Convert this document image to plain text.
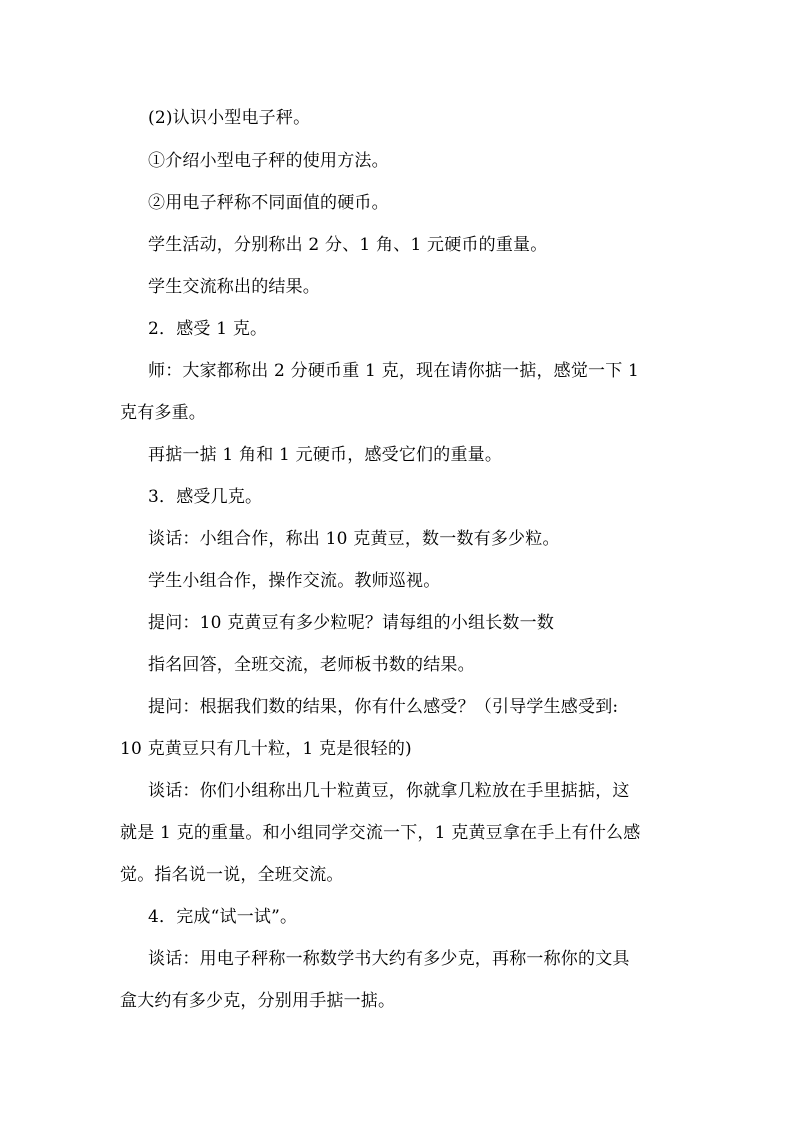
(2)认识小型电子秤。
①介绍小型电子秤的使用方法。
②用电子秤称不同面值的硬币。
学生活动，分别称出 2 分、1 角、1 元硬币的重量。
学生交流称出的结果。
2．感受 1 克。
师：大家都称出 2 分硬币重 1 克，现在请你掂一掂，感觉一下 1
克有多重。
再掂一掂 1 角和 1 元硬币，感受它们的重量。
3．感受几克。
谈话：小组合作，称出 10 克黄豆，数一数有多少粒。
学生小组合作，操作交流。教师巡视。
提问：10 克黄豆有多少粒呢？请每组的小组长数一数
指名回答，全班交流，老师板书数的结果。
提问：根据我们数的结果，你有什么感受？（引导学生感受到:
10 克黄豆只有几十粒，1 克是很轻的)
谈话：你们小组称出几十粒黄豆，你就拿几粒放在手里掂掂，这
就是 1 克的重量。和小组同学交流一下，1 克黄豆拿在手上有什么感
觉。指名说一说，全班交流。
4．完成“试一试”。
谈话：用电子秤称一称数学书大约有多少克，再称一称你的文具
盒大约有多少克，分别用手掂一掂。
